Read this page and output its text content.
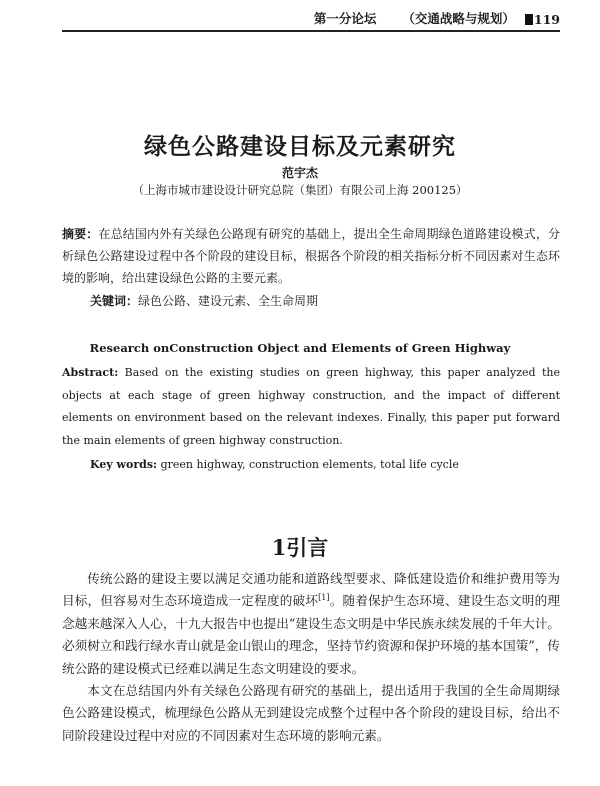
第一分论坛 （交通战略与规划） 119
绿色公路建设目标及元素研究
范宇杰
（上海市城市建设设计研究总院（集团）有限公司上海 200125）
摘要：在总结国内外有关绿色公路现有研究的基础上，提出全生命周期绿色道路建设模式，分析绿色公路建设过程中各个阶段的建设目标，根据各个阶段的相关指标分析不同因素对生态环境的影响，给出建设绿色公路的主要元素。
关键词：绿色公路、建设元素、全生命周期
Research onConstruction Object and Elements of Green Highway
Abstract: Based on the existing studies on green highway, this paper analyzed the objects at each stage of green highway construction, and the impact of different elements on environment based on the relevant indexes. Finally, this paper put forward the main elements of green highway construction.
Key words: green highway, construction elements, total life cycle
1引言

传统公路的建设主要以满足交通功能和道路线型要求、降低建设造价和维护费用等为目标，但容易对生态环境造成一定程度的破坏[1]。随着保护生态环境、建设生态文明的理念越来越深入人心，十九大报告中也提出“建设生态文明是中华民族永续发展的千年大计。必须树立和践行绿水青山就是金山银山的理念，坚持节约资源和保护环境的基本国策”，传统公路的建设模式已经难以满足生态文明建设的要求。

本文在总结国内外有关绿色公路现有研究的基础上，提出适用于我国的全生命周期绿色公路建设模式，梳理绿色公路从无到建设完成整个过程中各个阶段的建设目标，给出不同阶段建设过程中对应的不同因素对生态环境的影响元素。
